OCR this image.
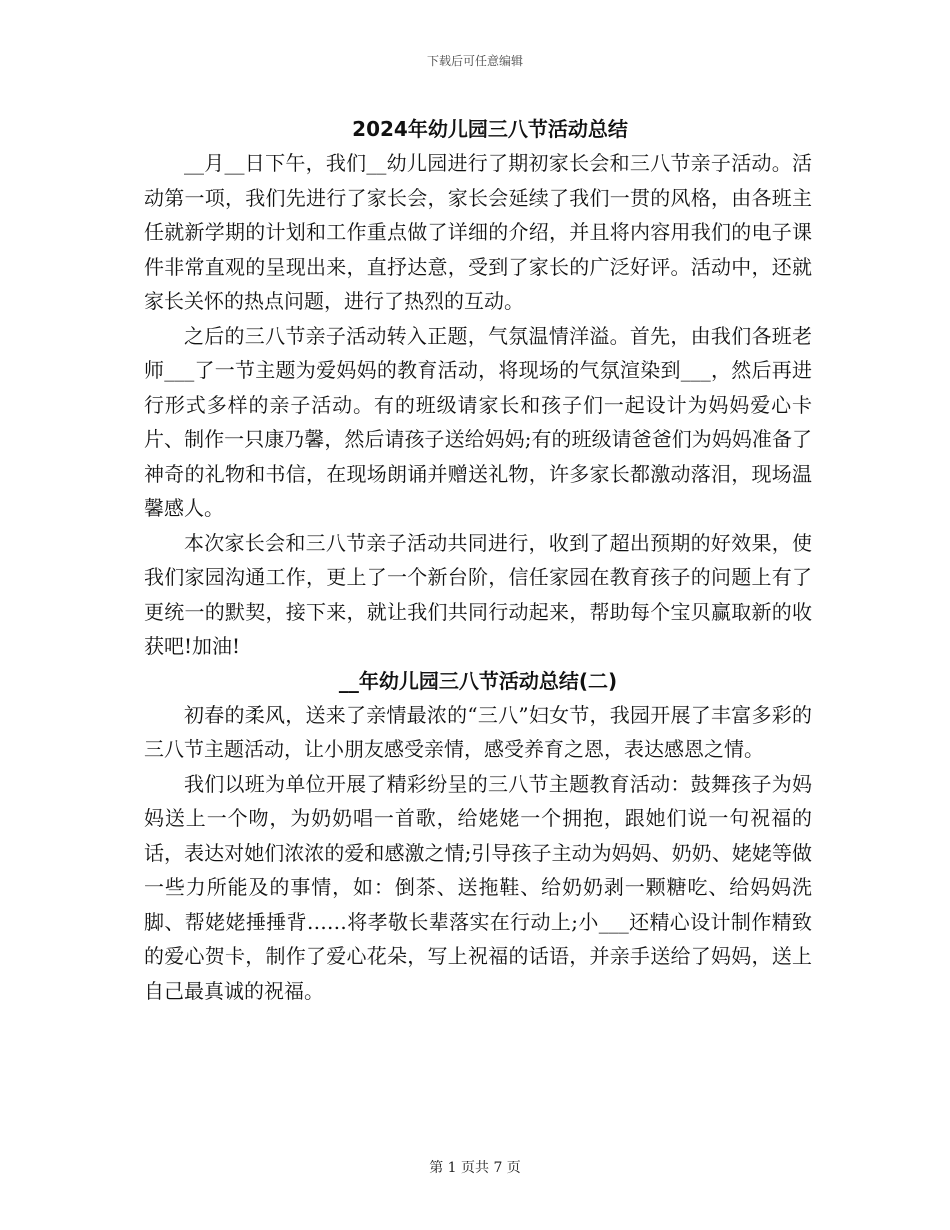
下载后可任意编辑
2024年幼儿园三八节活动总结

__月__日下午，我们__幼儿园进行了期初家长会和三八节亲子活动。活动第一项，我们先进行了家长会，家长会延续了我们一贯的风格，由各班主任就新学期的计划和工作重点做了详细的介绍，并且将内容用我们的电子课件非常直观的呈现出来，直抒达意，受到了家长的广泛好评。活动中，还就家长关怀的热点问题，进行了热烈的互动。

之后的三八节亲子活动转入正题，气氛温情洋溢。首先，由我们各班老师___了一节主题为爱妈妈的教育活动，将现场的气氛渲染到___，然后再进行形式多样的亲子活动。有的班级请家长和孩子们一起设计为妈妈爱心卡片、制作一只康乃馨，然后请孩子送给妈妈;有的班级请爸爸们为妈妈准备了神奇的礼物和书信，在现场朗诵并赠送礼物，许多家长都激动落泪，现场温馨感人。

本次家长会和三八节亲子活动共同进行，收到了超出预期的好效果，使我们家园沟通工作，更上了一个新台阶，信任家园在教育孩子的问题上有了更统一的默契，接下来，就让我们共同行动起来，帮助每个宝贝赢取新的收获吧!加油!

__年幼儿园三八节活动总结(二)

初春的柔风，送来了亲情最浓的“三八”妇女节，我园开展了丰富多彩的三八节主题活动，让小朋友感受亲情，感受养育之恩，表达感恩之情。

我们以班为单位开展了精彩纷呈的三八节主题教育活动：鼓舞孩子为妈妈送上一个吻，为奶奶唱一首歌，给姥姥一个拥抱，跟她们说一句祝福的话，表达对她们浓浓的爱和感激之情;引导孩子主动为妈妈、奶奶、姥姥等做一些力所能及的事情，如：倒茶、送拖鞋、给奶奶剥一颗糖吃、给妈妈洗脚、帮姥姥捶捶背……将孝敬长辈落实在行动上;小___还精心设计制作精致的爱心贺卡，制作了爱心花朵，写上祝福的话语，并亲手送给了妈妈，送上自己最真诚的祝福。

第 1 页共 7 页
